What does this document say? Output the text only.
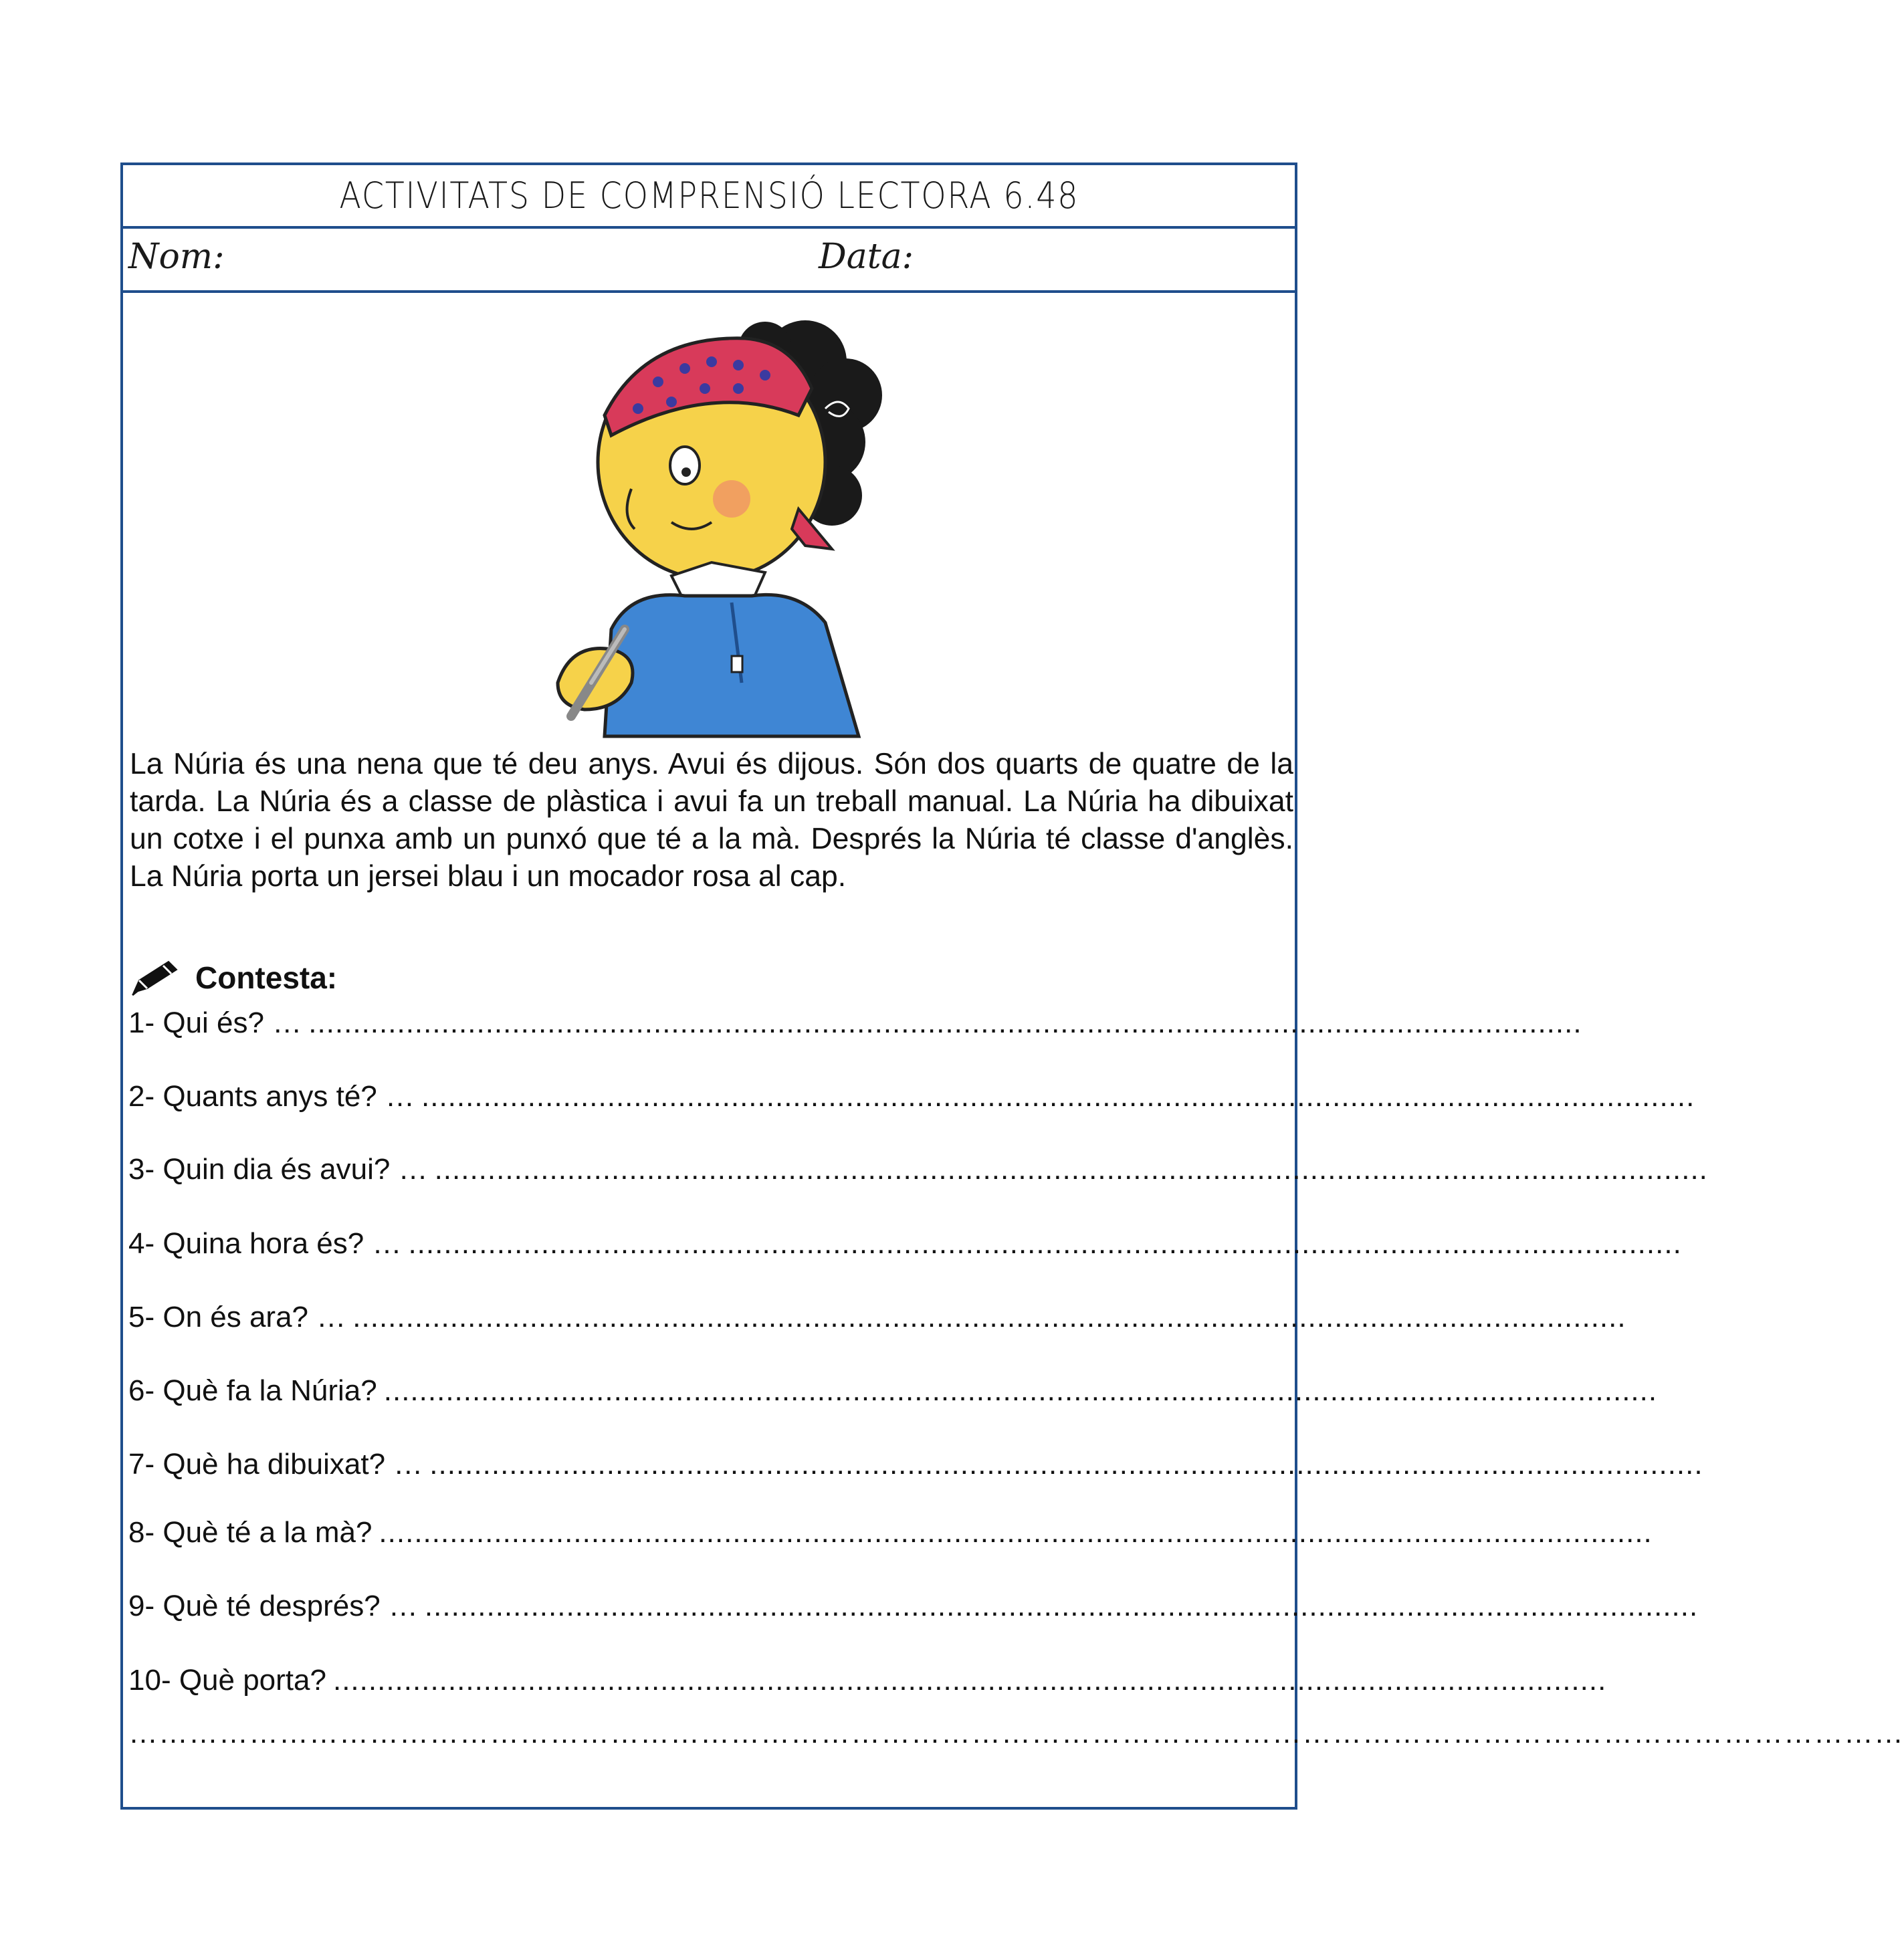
ACTIVITATS DE COMPRENSIÓ LECTORA 6.48
Nom:	Data:

La Núria és una nena que té deu anys. Avui és dijous. Són dos quarts de quatre de la tarda. La Núria és a classe de plàstica i avui fa un treball manual. La Núria ha dibuixat un cotxe i el punxa amb un punxó que té a la mà. Després la Núria té classe d'anglès. La Núria porta un jersei blau i un mocador rosa al cap.

Contesta:
1- Qui és? … ................................................................................................................................................
2- Quants anys té? … ................................................................................................................................................
3- Quin dia és avui? … ................................................................................................................................................
4- Quina hora és? … ................................................................................................................................................
5- On és ara? … ................................................................................................................................................
6- Què fa la Núria? ................................................................................................................................................
7- Què ha dibuixat? … ................................................................................................................................................
8- Què té a la mà? ................................................................................................................................................
9- Què té després? … ................................................................................................................................................
10- Què porta? ................................................................................................................................................
……………………………………………………………………………………………………………………………………………………………
